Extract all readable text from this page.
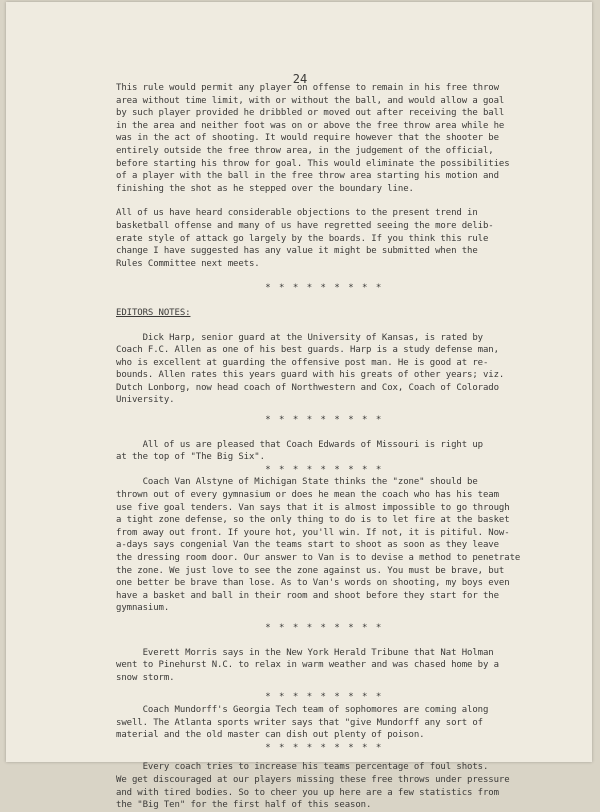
24

This rule would permit any player on offense to remain in his free throw

area without time limit, with or without the ball, and would allow a goal

by such player provided he dribbled or moved out after receiving the ball

in the area and neither foot was on or above the free throw area while he

was in the act of shooting. It would require however that the shooter be

entirely outside the free throw area, in the judgement of the official,

before starting his throw for goal. This would eliminate the possibilities

of a player with the ball in the free throw area starting his motion and

finishing the shot as he stepped over the boundary line.

All of us have heard considerable objections to the present trend in

basketball offense and many of us have regretted seeing the more delib-

erate style of attack go largely by the boards. If you think this rule

change I have suggested has any value it might be submitted when the

Rules Committee next meets.

* * * * * * * * *

EDITORS NOTES:

Dick Harp, senior guard at the University of Kansas, is rated by

Coach F.C. Allen as one of his best guards. Harp is a study defense man,

who is excellent at guarding the offensive post man. He is good at re-

bounds. Allen rates this years guard with his greats of other years; viz.

Dutch Lonborg, now head coach of Northwestern and Cox, Coach of Colorado

University.

* * * * * * * * *

All of us are pleased that Coach Edwards of Missouri is right up

at the top of "The Big Six".

* * * * * * * * *

Coach Van Alstyne of Michigan State thinks the "zone" should be

thrown out of every gymnasium or does he mean the coach who has his team

use five goal tenders. Van says that it is almost impossible to go through

a tight zone defense, so the only thing to do is to let fire at the basket

from away out front. If youre hot, you'll win. If not, it is pitiful. Now-

a-days says congenial Van the teams start to shoot as soon as they leave

the dressing room door. Our answer to Van is to devise a method to penetrate

the zone. We just love to see the zone against us. You must be brave, but

one better be brave than lose. As to Van's words on shooting, my boys even

have a basket and ball in their room and shoot before they start for the

gymnasium.

* * * * * * * * *

Everett Morris says in the New York Herald Tribune that Nat Holman

went to Pinehurst N.C. to relax in warm weather and was chased home by a

snow storm.

* * * * * * * * *

Coach Mundorff's Georgia Tech team of sophomores are coming along

swell. The Atlanta sports writer says that "give Mundorff any sort of

material and the old master can dish out plenty of poison.

* * * * * * * * *

Every coach tries to increase his teams percentage of foul shots.

We get discouraged at our players missing these free throws under pressure

and with tired bodies. So to cheer you up here are a few statistics from

the "Big Ten" for the first half of this season.
